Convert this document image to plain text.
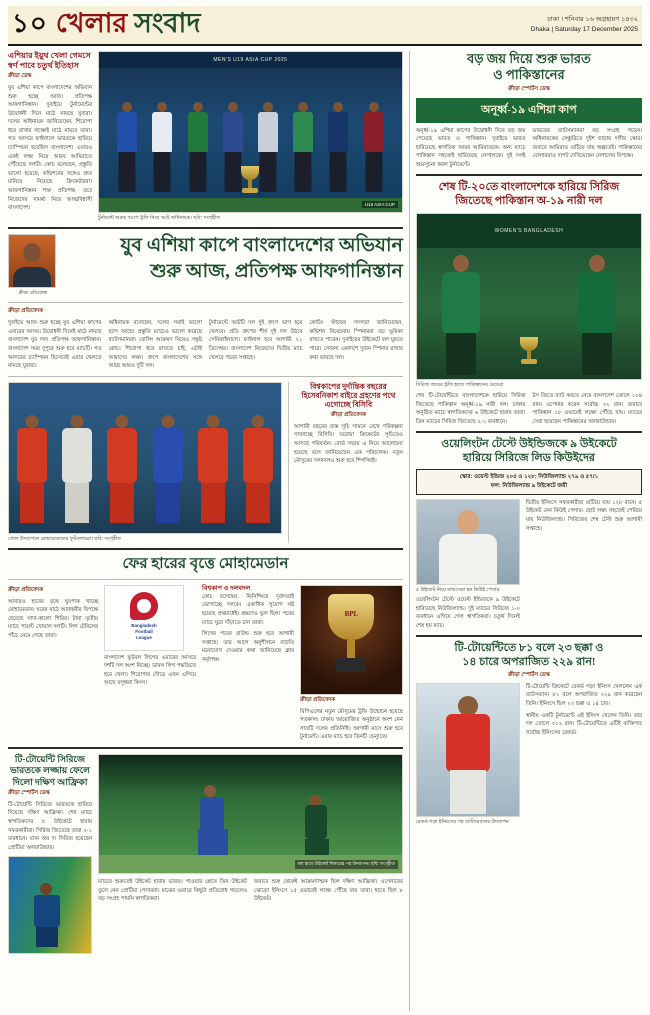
১০ খেলার সংবাদ	ঢাকা । শনিবার ১৬ অগ্রহায়ণ ১৪৩২
Dhaka | Saturday 17 December 2025
এশিয়ার ইয়ুথ খেলা গেমসে স্বর্ণ পাবে চতুর্থ ইতিহাস
ক্রীড়া ডেস্ক
যুব এশিয়া কাপে বাংলাদেশের অভিযান শুরু হচ্ছে আজ। প্রতিপক্ষ আফগানিস্তান। দুবাইয়ে টুর্নামেন্টের উদ্বোধনী দিনে মাঠে নামছে যুবারা। দলের অধিনায়ক জানিয়েছেন, শিরোপা ধরে রাখার লক্ষ্যেই মাঠে নামবে তারা। গত আসরে ফাইনালে ভারতকে হারিয়ে চ্যাম্পিয়ন হয়েছিল বাংলাদেশ। এবারও একই লক্ষ্য নিয়ে আরব আমিরাতে পৌঁছেছে দলটি। কোচ বলেছেন, প্রস্তুতি ভালো হয়েছে, কন্ডিশনের সঙ্গেও দ্রুত মানিয়ে নিয়েছে ক্রিকেটাররা। আফগানিস্তান শক্ত প্রতিপক্ষ, তবে নিজেদের সামর্থ্য নিয়ে আত্মবিশ্বাসী বাংলাদেশ।
MEN'S U19 ASIA CUP 2025
U19 ASIA CUP
টুর্নামেন্ট শুরুর আগে ট্রফি নিয়ে আট অধিনায়ক। ছবি: সংগৃহীত
ক্রীড়া প্রতিবেদক
যুব এশিয়া কাপে বাংলাদেশের অভিযান
শুরু আজ, প্রতিপক্ষ আফগানিস্তান
ক্রীড়া প্রতিবেদক
দুবাইয়ে আজ শুরু হচ্ছে যুব এশিয়া কাপের এবারের আসর। উদ্বোধনী দিনেই মাঠে নামছে বাংলাদেশ যুব দল। প্রতিপক্ষ আফগানিস্তান। বাংলাদেশ সময় দুপুরে শুরু হবে ম্যাচটি। গত আসরের চ্যাম্পিয়ন হিসেবেই এবার খেলতে নামছে যুবারা।
অধিনায়ক বলেছেন, দলের সবাই ভালো ছন্দে আছে। প্রস্তুতি ম্যাচেও ভালো করেছে ব্যাটসম্যানরা। বোলিং আক্রমণ নিয়েও সন্তুষ্ট কোচ। শিরোপা ধরে রাখতে চাই, এটাই আমাদের লক্ষ্য। গ্রুপে বাংলাদেশের সঙ্গে আছে আরও দুটি দল।
টুর্নামেন্টে আটটি দল দুই গ্রুপে ভাগ হয়ে খেলবে। প্রতি গ্রুপের শীর্ষ দুই দল উঠবে সেমিফাইনালে। ফাইনাল হবে আগামী ২১ ডিসেম্বর। বাংলাদেশ নিজেদের দ্বিতীয় ম্যাচ খেলবে পরের সপ্তাহে।
কোচিং স্টাফের সদস্যরা জানিয়েছেন, কন্ডিশন বিবেচনায় স্পিনাররা বড় ভূমিকা রাখতে পারেন। দুবাইয়ের উইকেটে বল ঘুরতে পারে। সেজন্য একাদশে দুজন স্পিনার রাখার কথা ভাবছে দল।
গোল উদযাপনে মোহামেডানের ফুটবলাররা। ছবি: সংগৃহীত
বিশ্বকাপের দুর্দান্তিক বছরের হিসেবনিকাশ বাইরে গ্রহণের পথে এগোচ্ছে বিসিবি
ক্রীড়া প্রতিবেদক
আগামী বছরের ব্যস্ত সূচি সামনে রেখে পরিকল্পনা সাজাচ্ছে বিসিবি। ঘরোয়া ক্রিকেটের সূচিতেও আসছে পরিবর্তন। বোর্ড সভায় এ নিয়ে আলোচনা হয়েছে বলে জানিয়েছেন এক পরিচালক। নতুন মৌসুমের দলবদলও শুরু হবে শিগগিরই।
ফের হারের বৃত্তে মোহামেডান
ক্রীড়া প্রতিবেদক
আবারও হারের বৃত্তে ঘুরপাক খাচ্ছে মোহামেডান। ঘরের মাঠে আবাহনীর বিপক্ষে হেরেছে সাদা-কালো শিবির। টানা তৃতীয় ম্যাচে পয়েন্ট খোয়াল দলটি। লিগ টেবিলের পাঁচে নেমে গেছে তারা।
Bangladesh
Football
League
বাংলাদেশ ফুটবল লিগের এবারের আসরে দশটি দল অংশ নিচ্ছে। ডাবল লিগ পদ্ধতিতে হবে খেলা। শিরোপার দৌড়ে এখন এগিয়ে আছে বসুন্ধরা কিংস।
বিশ্বকাপ ও দলবদল
কোচ বলেছেন, ফিনিশিংয়ে দুর্বলতাই ভোগাচ্ছে দলকে। একাধিক সুযোগ নষ্ট হয়েছে প্রথমার্ধেই। রক্ষণেও ভুল ছিল। পরের ম্যাচে ঘুরে দাঁড়াতে চান তারা।
লিগের পরের রাউন্ড শুরু হবে আগামী সপ্তাহে। তার আগে অনুশীলনে বাড়তি মনোযোগ দেওয়ার কথা জানিয়েছে ক্লাব কর্তৃপক্ষ।
BPL
ক্রীড়া প্রতিবেদক
বিপিএলের নতুন মৌসুমের ট্রফি উন্মোচন হয়েছে গতকাল। ঢাকায় আয়োজিত অনুষ্ঠানে অংশ নেন সাতটি দলের প্রতিনিধি। আগামী মাসে শুরু হবে টুর্নামেন্ট। এবার ম্যাচ হবে তিনটি ভেন্যুতে।
টি-টোয়েন্টি সিরিজে ভারতকে লজ্জায় ফেলে দিলো দক্ষিণ আফ্রিকা
ক্রীড়া স্পোর্টস ডেস্ক
টি-টোয়েন্টি সিরিজে ভারতকে হারিয়ে দিয়েছে দক্ষিণ আফ্রিকা। শেষ ম্যাচে স্বাগতিকদের ৮ উইকেটে হারায় সফরকারীরা। সিরিজ জিতেছে তারা ২-১ ব্যবধানে। ম্যান অব দ্য সিরিজ হয়েছেন প্রোটিয়া অলরাউন্ডার।
বল হাতে উইকেট শিকারের পর উদযাপন। ছবি: সংগৃহীত
ম্যাচের শুরুতেই উইকেট হারায় ভারত। পাওয়ার প্লেতে তিন উইকেট তুলে নেন প্রোটিয়া পেসাররা। মাঝের ওভারে কিছুটা প্রতিরোধ গড়লেও বড় সংগ্রহ পায়নি স্বাগতিকরা।
জবাবে শুরু থেকেই আক্রমণাত্মক ছিল দক্ষিণ আফ্রিকা। ওপেনারের ঝোড়ো ইনিংসে ১৫ ওভারেই লক্ষ্যে পৌঁছে যায় তারা। হাতে ছিল ৮ উইকেট।
বড় জয় দিয়ে শুরু ভারত
ও পাকিস্তানের
ক্রীড়া স্পোর্টস ডেস্ক
অনূর্ধ্ব-১৯ এশিয়া কাপ
অনূর্ধ্ব-১৯ এশিয়া কাপের উদ্বোধনী দিনে বড় জয় পেয়েছে ভারত ও পাকিস্তান। দুবাইয়ে ভারত হারিয়েছে স্বাগতিক আরব আমিরাতকে। অন্য ম্যাচে পাকিস্তান সহজেই হারিয়েছে নেপালকে। দুই দলই শুভসূচনা করল টুর্নামেন্টে।
ভারতের ব্যাটসম্যানরা বড় সংগ্রহ গড়েন। অধিনায়কের সেঞ্চুরিতে দুইশ ছাড়ায় দলীয় স্কোর। জবাবে আমিরাত গুটিয়ে যায় অল্পতেই। পাকিস্তানের বোলাররাও দাপট দেখিয়েছেন নেপালের বিপক্ষে।
শেষ টি-২০তে বাংলাদেশকে হারিয়ে সিরিজ
জিতেছে পাকিস্তান অ-১৯ নারী দল
WOMEN'S BANGLADESH
সিরিজ জয়ের ট্রফি হাতে পাকিস্তানের মেয়েরা
শেষ টি-টোয়েন্টিতে বাংলাদেশকে হারিয়ে সিরিজ জিতেছে পাকিস্তান অনূর্ধ্ব-১৯ নারী দল। ঢাকায় অনুষ্ঠিত ম্যাচে স্বাগতিকদের ৬ উইকেটে হারায় তারা। তিন ম্যাচের সিরিজ জিতেছে ২-১ ব্যবধানে।
টস জিতে ব্যাট করতে নেমে বাংলাদেশ তোলে ১০৪ রান। ওপেনার করেন সর্বোচ্চ ৩২ রান। জবাবে পাকিস্তান ১৮ ওভারেই লক্ষ্যে পৌঁছে যায়। ম্যাচের সেরা হয়েছেন পাকিস্তানের অলরাউন্ডার।
ওয়েলিংটন টেস্টে উইন্ডিজকে ৯ উইকেটে
হারিয়ে সিরিজে লিড কিউইদের
স্কোর: ওয়েস্ট ইন্ডিজ ২০৫ ও ১২৮; নিউজিল্যান্ড ২৭৯ ও ৫৭/১
ফল: নিউজিল্যান্ড ৯ উইকেটে জয়ী
৫ উইকেট নিয়ে ম্যাচসেরা হন কিউই পেসার
ওয়েলিংটন টেস্টে ওয়েস্ট ইন্ডিজকে ৯ উইকেটে হারিয়েছে নিউজিল্যান্ড। দুই ম্যাচের সিরিজে ১-০ ব্যবধানে এগিয়ে গেল স্বাগতিকরা। চতুর্থ দিনেই শেষ হয় ম্যাচ।
দ্বিতীয় ইনিংসে সফরকারীরা গুটিয়ে যায় ১২৮ রানে। ৫ উইকেট নেন কিউই পেসার। ছোট লক্ষ্য সহজেই পেরিয়ে যায় নিউজিল্যান্ড। সিরিজের শেষ টেস্ট শুরু আগামী সপ্তাহে।
টি-টোয়েন্টিতে ৮১ বলে ২৩ ছক্কা ও
১৪ চারে অপরাজিত ২২৯ রান!
ক্রীড়া স্পোর্টস ডেস্ক
রেকর্ড গড়া ইনিংসের পর ব্যাটসম্যানের উদযাপন
টি-টোয়েন্টি ক্রিকেটে রেকর্ড গড়া ইনিংস খেললেন এক ব্যাটসম্যান। ৮১ বলে অপরাজিত ২২৯ রান করেছেন তিনি। ইনিংসে ছিল ২৩ ছক্কা ও ১৪ চার।
স্থানীয় একটি টুর্নামেন্টে এই ইনিংস খেলেন তিনি। তার দল তোলে ৩১২ রান। টি-টোয়েন্টিতে এটিই ব্যক্তিগত সর্বোচ্চ ইনিংসের রেকর্ড।
